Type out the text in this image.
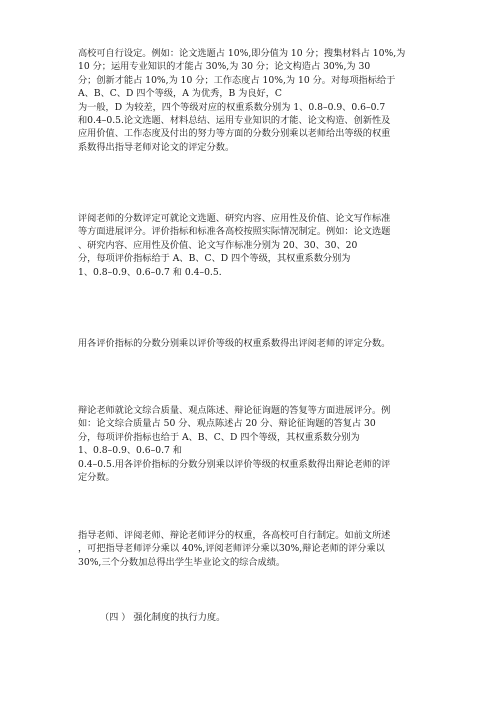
高校可自行设定。例如：论文选题占 10%,即分值为 10 分；搜集材料占 10%,为
10 分；运用专业知识的才能占 30%,为 30 分；论文构造占 30%,为 30
分；创新才能占 10%,为 10 分；工作态度占 10%,为 10 分。对每项指标给于
A、B、C、D 四个等级，A 为优秀，B 为良好，C
为一般，D 为较差，四个等级对应的权重系数分别为 1、0.8–0.9、0.6–0.7
和0.4–0.5.论文选题、材料总结、运用专业知识的才能、论文构造、创新性及
应用价值、工作态度及付出的努力等方面的分数分别乘以老师给出等级的权重
系数得出指导老师对论文的评定分数。
评阅老师的分数评定可就论文选题、研究内容、应用性及价值、论文写作标准
等方面进展评分。评价指标和标准各高校按照实际情况制定。例如：论文选题
、研究内容、应用性及价值、论文写作标准分别为 20、30、30、20
分，每项评价指标给于 A、B、C、D 四个等级，其权重系数分别为
1、0.8–0.9、0.6–0.7 和 0.4–0.5.
用各评价指标的分数分别乘以评价等级的权重系数得出评阅老师的评定分数。
辩论老师就论文综合质量、观点陈述、辩论征询题的答复等方面进展评分。例
如：论文综合质量占 50 分、观点陈述占 20 分、辩论征询题的答复占 30
分，每项评价指标也给于 A、B、C、D 四个等级，其权重系数分别为
1、0.8–0.9、0.6–0.7 和
0.4–0.5.用各评价指标的分数分别乘以评价等级的权重系数得出辩论老师的评
定分数。
指导老师、评阅老师、辩论老师评分的权重，各高校可自行制定。如前文所述
，可把指导老师评分乘以 40%,评阅老师评分乘以30%,辩论老师的评分乘以
30%,三个分数加总得出学生毕业论文的综合成绩。
（四 ） 强化制度的执行力度。
